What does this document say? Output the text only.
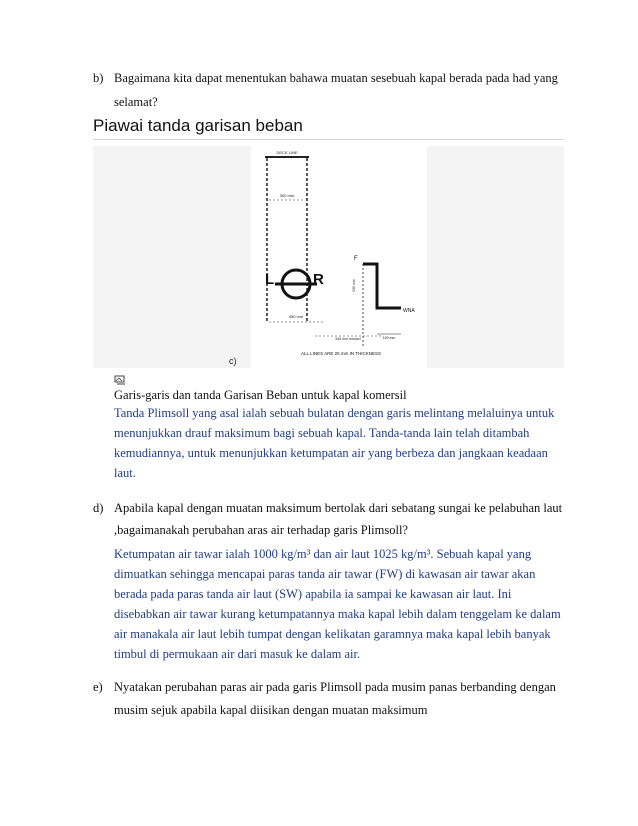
b) Bagaimana kita dapat menentukan bahawa muatan sesebuah kapal berada pada had yang
selamat?
Piawai tanda garisan beban
DECK LINE
300 mm
L	R
450 mm
F
230 mm
WNA
540 mm forward	150 mm
ALL LINES ARE 25 mm IN THICKNESS
c)
Garis-garis dan tanda Garisan Beban untuk kapal komersil
Tanda Plimsoll yang asal ialah sebuah bulatan dengan garis melintang melaluinya untuk
menunjukkan drauf maksimum bagi sebuah kapal. Tanda-tanda lain telah ditambah
kemudiannya, untuk menunjukkan ketumpatan air yang berbeza dan jangkaan keadaan
laut.
d) Apabila kapal dengan muatan maksimum bertolak dari sebatang sungai ke pelabuhan laut
,bagaimanakah perubahan aras air terhadap garis Plimsoll?
Ketumpatan air tawar ialah 1000 kg/m³ dan air laut 1025 kg/m³. Sebuah kapal yang
dimuatkan sehingga mencapai paras tanda air tawar (FW) di kawasan air tawar akan
berada pada paras tanda air laut (SW) apabila ia sampai ke kawasan air laut. Ini
disebabkan air tawar kurang ketumpatannya maka kapal lebih dalam tenggelam ke dalam
air manakala air laut lebih tumpat dengan kelikatan garamnya maka kapal lebih banyak
timbul di permukaan air dari masuk ke dalam air.
e) Nyatakan perubahan paras air pada garis Plimsoll pada musim panas berbanding dengan
musim sejuk apabila kapal diisikan dengan muatan maksimum
